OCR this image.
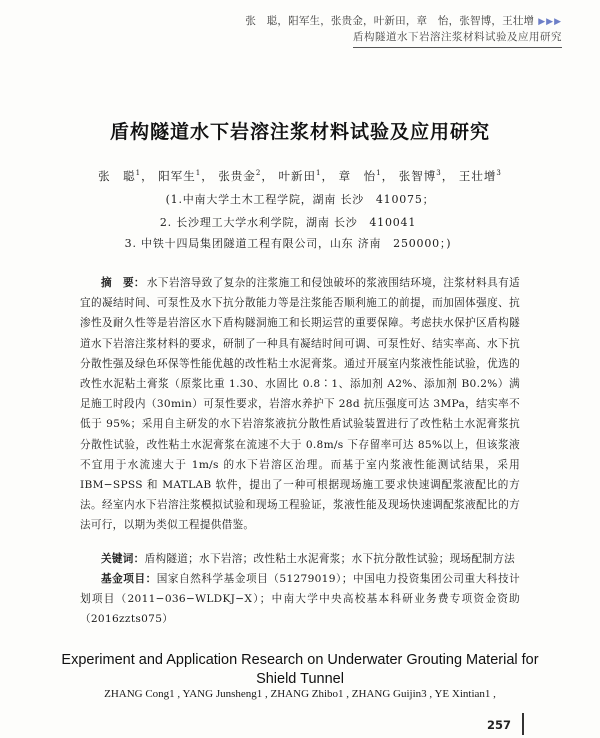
张　聪，阳军生，张贵金，叶新田，章　怡，张智博，王壮增 ▶▶▶
盾构隧道水下岩溶注浆材料试验及应用研究
盾构隧道水下岩溶注浆材料试验及应用研究
张　聪$^1$， 阳军生$^1$， 张贵金$^2$， 叶新田$^1$， 章　怡$^1$， 张智博$^3$， 王壮增$^3$
(1.中南大学土木工程学院，湖南 长沙　410075；
2. 长沙理工大学水利学院，湖南 长沙　410041
3. 中铁十四局集团隧道工程有限公司，山东 济南　250000；)
摘　要： 水下岩溶导致了复杂的注浆施工和侵蚀破坏的浆液围结环境，注浆材料具有适宜的凝结时间、可泵性及水下抗分散能力等是注浆能否顺利施工的前提，而加固体强度、抗渗性及耐久性等是岩溶区水下盾构隧洞施工和长期运营的重要保障。考虑扶水保护区盾构隧道水下岩溶注浆材料的要求，研制了一种具有凝结时间可调、可泵性好、结实率高、水下抗分散性强及绿色环保等性能优越的改性粘土水泥膏浆。通过开展室内浆液性能试验，优选的改性水泥粘土膏浆（原浆比重 1.30、水固比 0.8∶1、添加剂 A2%、添加剂 B0.2%）满足施工时段内（30min）可泵性要求，岩溶水养护下 28d 抗压强度可达 3MPa，结实率不低于 95%；采用自主研发的水下岩溶浆液抗分散性盾试验装置进行了改性粘土水泥膏浆抗分散性试验，改性粘土水泥膏浆在流速不大于 0.8m/s 下存留率可达 85%以上，但该浆液不宜用于水流速大于 1m/s 的水下岩溶区治理。而基于室内浆液性能测试结果，采用 IBM−SPSS 和 MATLAB 软件，提出了一种可根据现场施工要求快速调配浆液配比的方法。经室内水下岩溶注浆模拟试验和现场工程验证，浆液性能及现场快速调配浆液配比的方法可行，以期为类似工程提供借鉴。
关键词：盾构隧道；水下岩溶；改性粘土水泥膏浆；水下抗分散性试验；现场配制方法
基金项目：国家自然科学基金项目（51279019）；中国电力投资集团公司重大科技计划项目（2011−036−WLDKJ−X）；中南大学中央高校基本科研业务费专项资金资助（2016zzts075）
Experiment and Application Research on Underwater Grouting Material for Shield Tunnel
ZHANG Cong1 , YANG Junsheng1 , ZHANG Zhibo1 , ZHANG Guijin3 , YE Xintian1 ,
257
